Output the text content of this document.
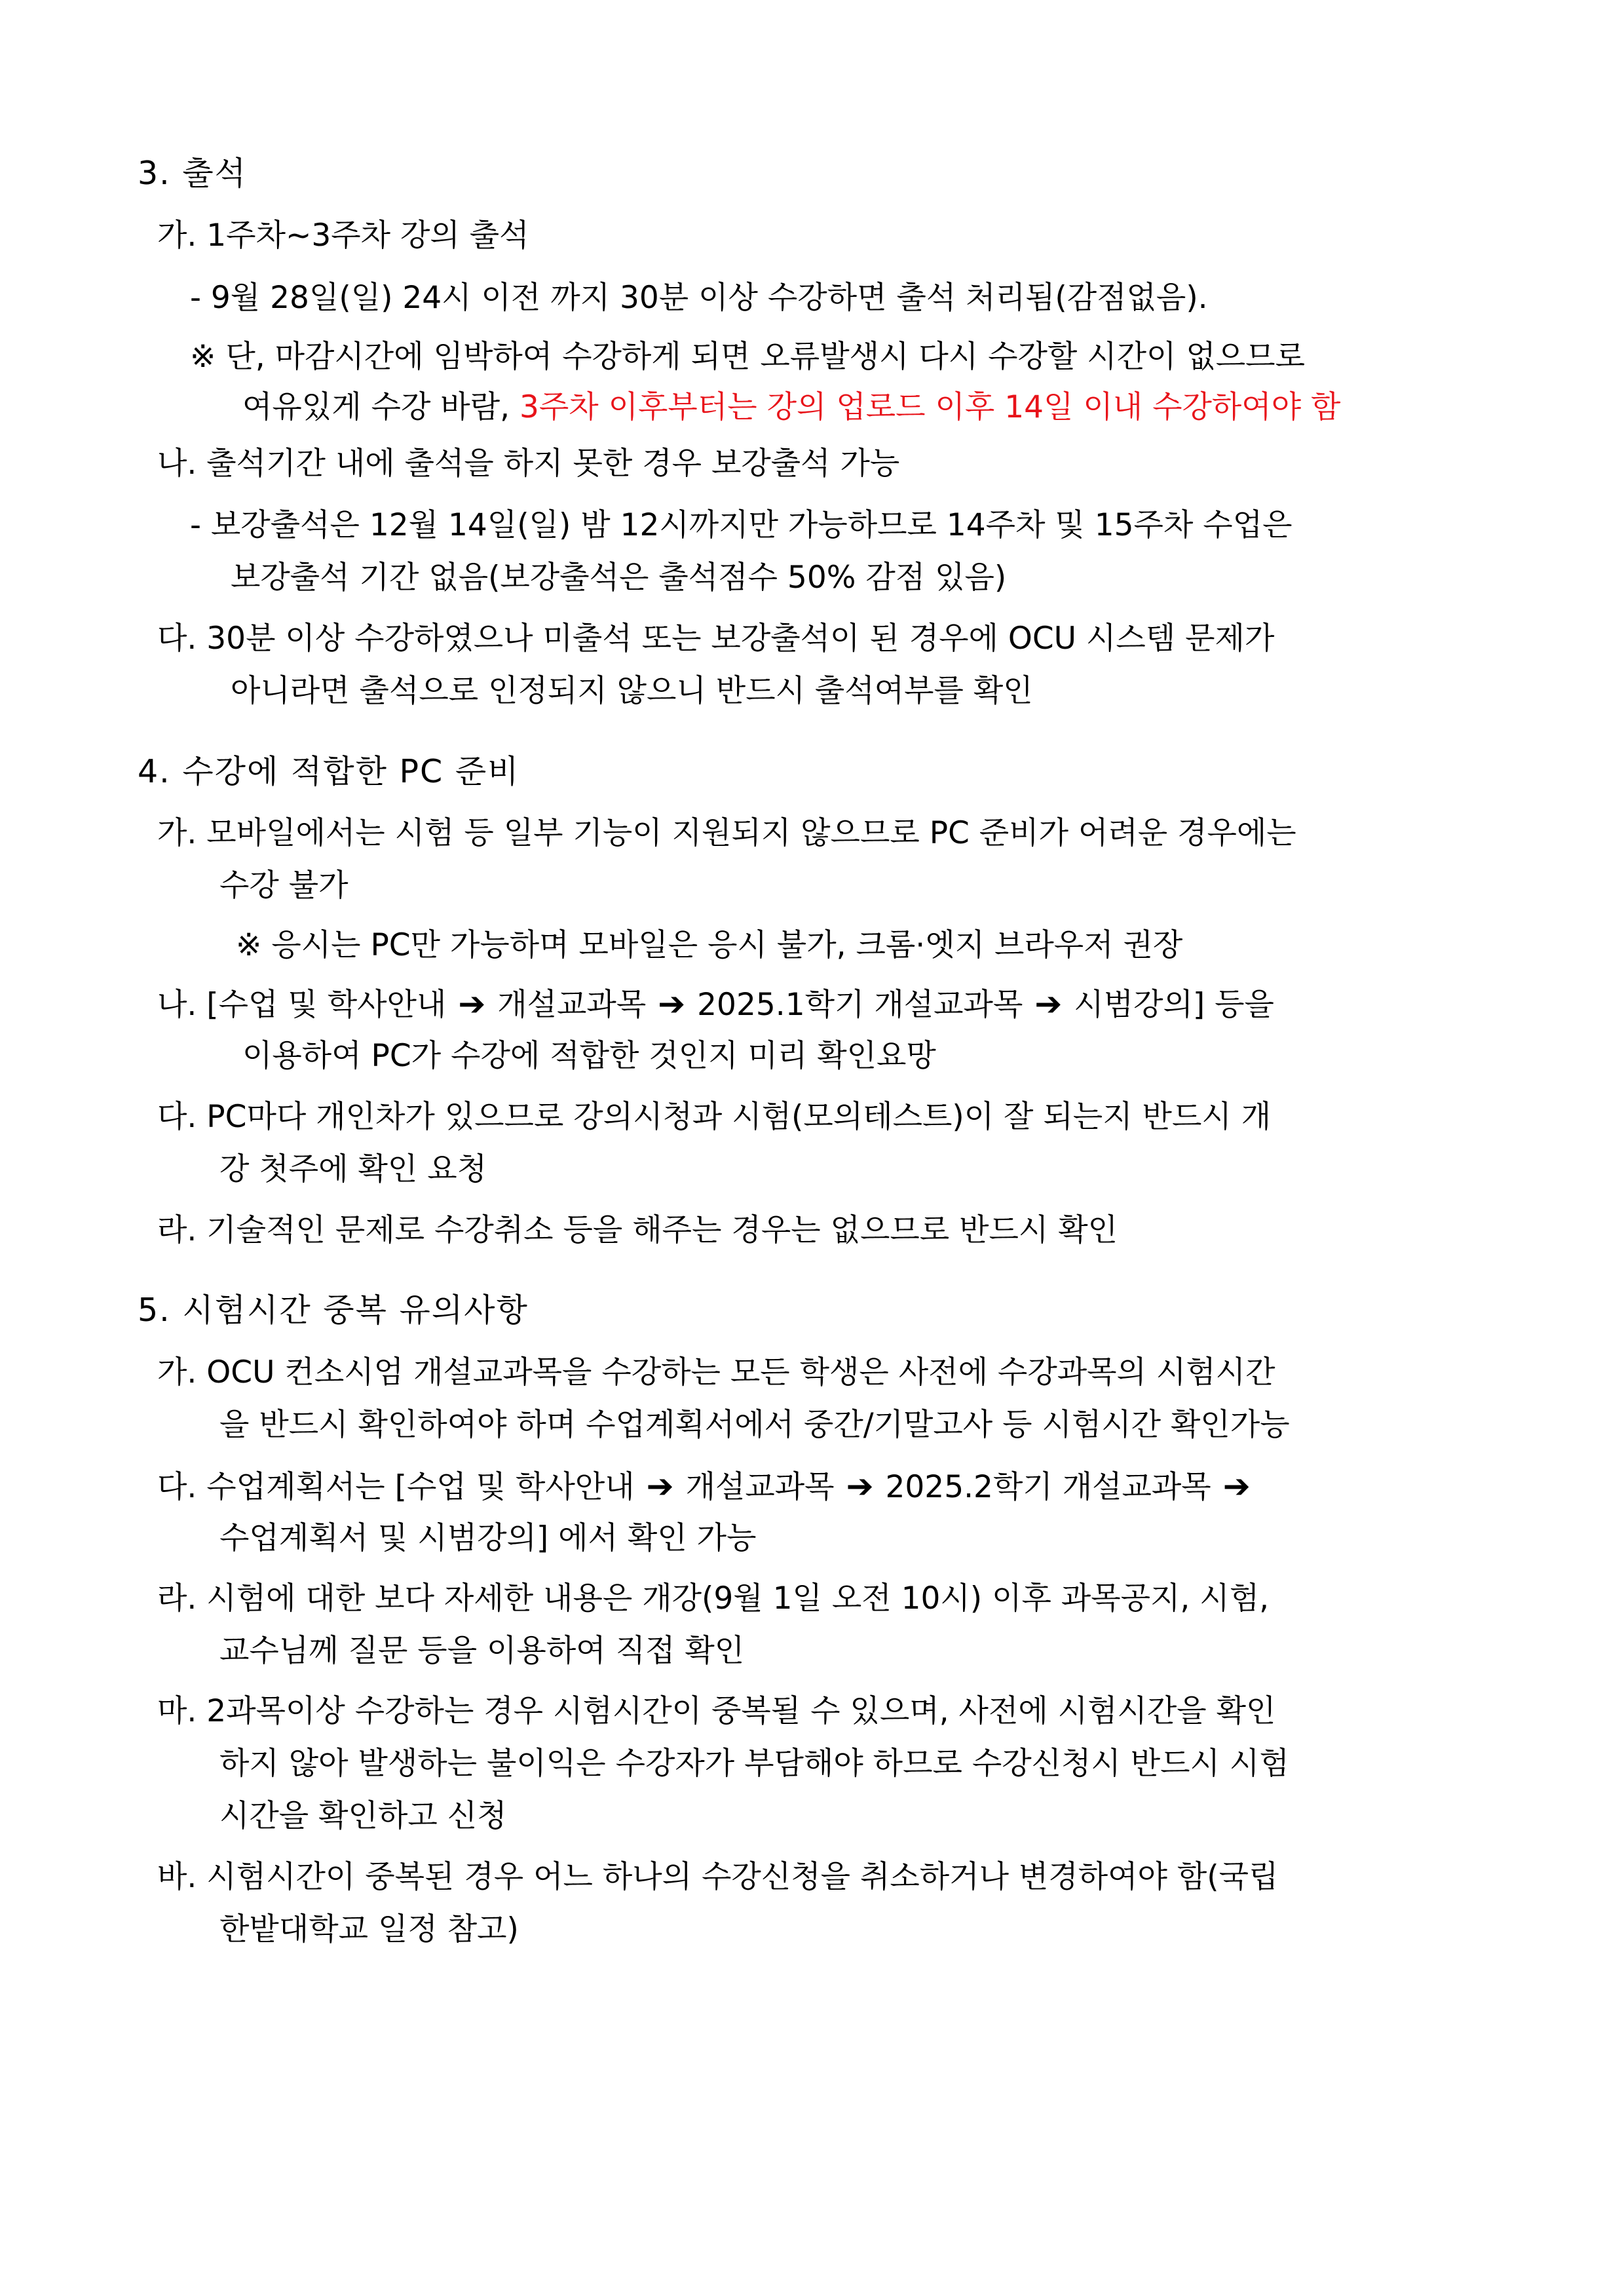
3. 출석
가. 1주차~3주차 강의 출석
- 9월 28일(일) 24시 이전 까지 30분 이상 수강하면 출석 처리됨(감점없음).
※ 단, 마감시간에 임박하여 수강하게 되면 오류발생시 다시 수강할 시간이 없으므로
여유있게 수강 바람, 3주차 이후부터는 강의 업로드 이후 14일 이내 수강하여야 함
나. 출석기간 내에 출석을 하지 못한 경우 보강출석 가능
- 보강출석은 12월 14일(일) 밤 12시까지만 가능하므로 14주차 및 15주차 수업은
보강출석 기간 없음(보강출석은 출석점수 50% 감점 있음)
다. 30분 이상 수강하였으나 미출석 또는 보강출석이 된 경우에 OCU 시스템 문제가
아니라면 출석으로 인정되지 않으니 반드시 출석여부를 확인
4. 수강에 적합한 PC 준비
가. 모바일에서는 시험 등 일부 기능이 지원되지 않으므로 PC 준비가 어려운 경우에는
수강 불가
※ 응시는 PC만 가능하며 모바일은 응시 불가, 크롬·엣지 브라우저 권장
나. [수업 및 학사안내 ➔ 개설교과목 ➔ 2025.1학기 개설교과목 ➔ 시범강의] 등을
이용하여 PC가 수강에 적합한 것인지 미리 확인요망
다. PC마다 개인차가 있으므로 강의시청과 시험(모의테스트)이 잘 되는지 반드시 개
강 첫주에 확인 요청
라. 기술적인 문제로 수강취소 등을 해주는 경우는 없으므로 반드시 확인
5. 시험시간 중복 유의사항
가. OCU 컨소시엄 개설교과목을 수강하는 모든 학생은 사전에 수강과목의 시험시간
을 반드시 확인하여야 하며 수업계획서에서 중간/기말고사 등 시험시간 확인가능
다. 수업계획서는 [수업 및 학사안내 ➔ 개설교과목 ➔ 2025.2학기 개설교과목 ➔
수업계획서 및 시범강의] 에서 확인 가능
라. 시험에 대한 보다 자세한 내용은 개강(9월 1일 오전 10시) 이후 과목공지, 시험,
교수님께 질문 등을 이용하여 직접 확인
마. 2과목이상 수강하는 경우 시험시간이 중복될 수 있으며, 사전에 시험시간을 확인
하지 않아 발생하는 불이익은 수강자가 부담해야 하므로 수강신청시 반드시 시험
시간을 확인하고 신청
바. 시험시간이 중복된 경우 어느 하나의 수강신청을 취소하거나 변경하여야 함(국립
한밭대학교 일정 참고)
